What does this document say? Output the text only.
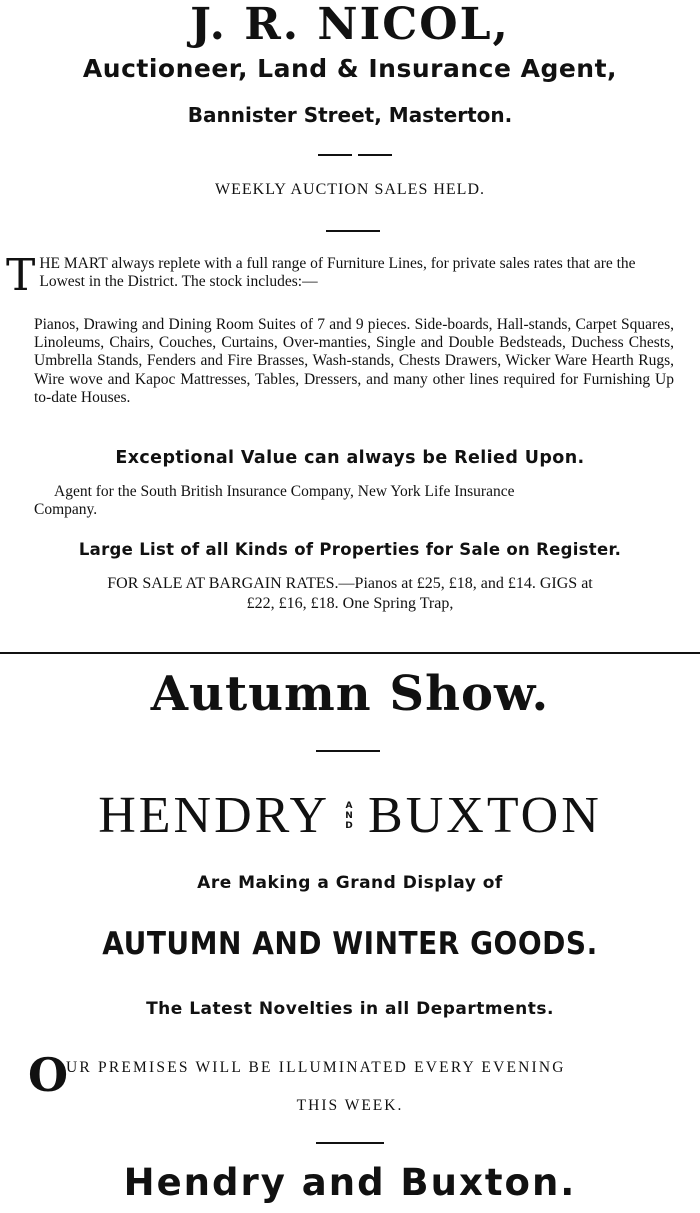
J. R. NICOL,
Auctioneer, Land & Insurance Agent,
Bannister Street, Masterton.
WEEKLY AUCTION SALES HELD.
T HE MART always replete with a full range of Furniture Lines, for private sales rates that are the Lowest in the District. The stock includes:—
Pianos, Drawing and Dining Room Suites of 7 and 9 pieces. Side-boards, Hall-stands, Carpet Squares, Linoleums, Chairs, Couches, Curtains, Over-manties, Single and Double Bedsteads, Duchess Chests, Umbrella Stands, Fenders and Fire Brasses, Wash-stands, Chests Drawers, Wicker Ware Hearth Rugs, Wire wove and Kapoc Mattresses, Tables, Dressers, and many other lines required for Furnishing Up to-date Houses.
Exceptional Value can always be Relied Upon.
Agent for the South British Insurance Company, New York Life Insurance
Company.
Large List of all Kinds of Properties for Sale on Register.
FOR SALE AT BARGAIN RATES.—Pianos at £25, £18, and £14. GIGS at
£22, £16, £18. One Spring Trap,
Autumn Show.
HENDRY	A
N
D BUXTON
Are Making a Grand Display of
AUTUMN AND WINTER GOODS.
The Latest Novelties in all Departments.
O
UR PREMISES WILL BE ILLUMINATED EVERY EVENING
THIS WEEK.
Hendry and Buxton.
